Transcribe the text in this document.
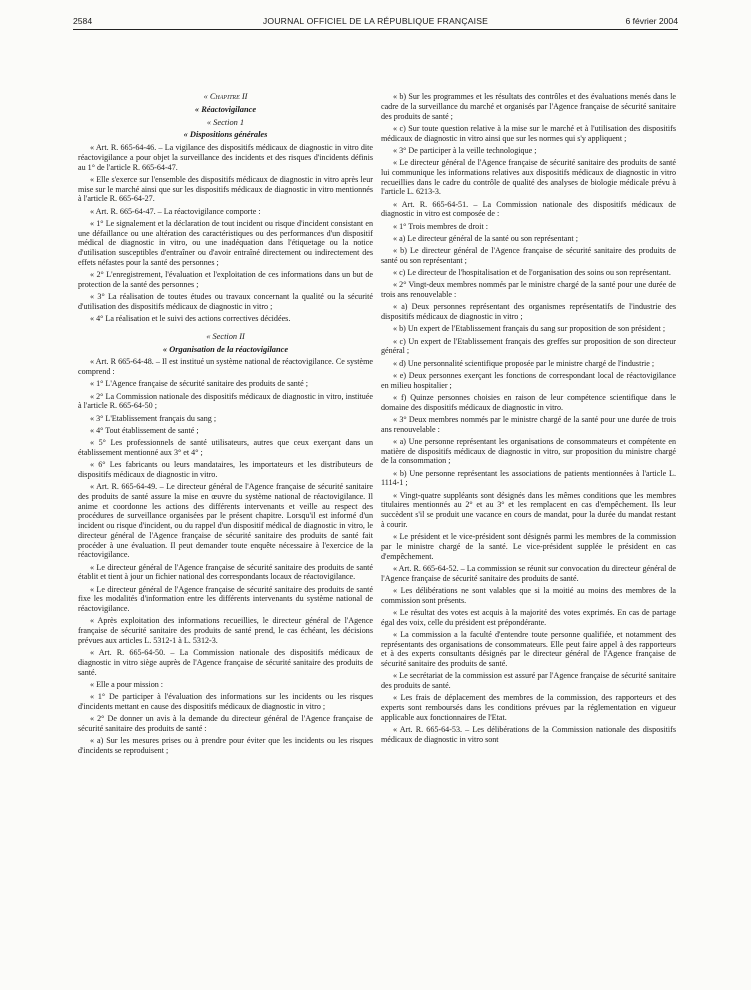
2584	JOURNAL OFFICIEL DE LA RÉPUBLIQUE FRANÇAISE	6 février 2004
« Chapitre II
« Réactovigilance
« Section 1
« Dispositions générales

« Art. R. 665-64-46. – La vigilance des dispositifs médicaux de diagnostic in vitro dite réactovigilance a pour objet la surveillance des incidents et des risques d'incidents définis au 1° de l'article R. 665-64-47.

« Elle s'exerce sur l'ensemble des dispositifs médicaux de diagnostic in vitro après leur mise sur le marché ainsi que sur les dispositifs médicaux de diagnostic in vitro mentionnés à l'article R. 665-64-27.

« Art. R. 665-64-47. – La réactovigilance comporte :

« 1° Le signalement et la déclaration de tout incident ou risque d'incident consistant en une défaillance ou une altération des caractéristiques ou des performances d'un dispositif médical de diagnostic in vitro, ou une inadéquation dans l'étiquetage ou la notice d'utilisation susceptibles d'entraîner ou d'avoir entraîné directement ou indirectement des effets néfastes pour la santé des personnes ;

« 2° L'enregistrement, l'évaluation et l'exploitation de ces informations dans un but de protection de la santé des personnes ;

« 3° La réalisation de toutes études ou travaux concernant la qualité ou la sécurité d'utilisation des dispositifs médicaux de diagnostic in vitro ;

« 4° La réalisation et le suivi des actions correctives décidées.

« Section II
« Organisation de la réactovigilance

« Art. R 665-64-48. – Il est institué un système national de réactovigilance. Ce système comprend :

« 1° L'Agence française de sécurité sanitaire des produits de santé ;

« 2° La Commission nationale des dispositifs médicaux de diagnostic in vitro, instituée à l'article R. 665-64-50 ;

« 3° L'Etablissement français du sang ;

« 4° Tout établissement de santé ;

« 5° Les professionnels de santé utilisateurs, autres que ceux exerçant dans un établissement mentionné aux 3° et 4° ;

« 6° Les fabricants ou leurs mandataires, les importateurs et les distributeurs de dispositifs médicaux de diagnostic in vitro.

« Art. R. 665-64-49. – Le directeur général de l'Agence française de sécurité sanitaire des produits de santé assure la mise en œuvre du système national de réactovigilance. Il anime et coordonne les actions des différents intervenants et veille au respect des procédures de surveillance organisées par le présent chapitre. Lorsqu'il est informé d'un incident ou risque d'incident, ou du rappel d'un dispositif médical de diagnostic in vitro, le directeur général de l'Agence française de sécurité sanitaire des produits de santé fait procéder à une évaluation. Il peut demander toute enquête nécessaire à l'exercice de la réactovigilance.

« Le directeur général de l'Agence française de sécurité sanitaire des produits de santé établit et tient à jour un fichier national des correspondants locaux de réactovigilance.

« Le directeur général de l'Agence française de sécurité sanitaire des produits de santé fixe les modalités d'information entre les différents intervenants du système national de réactovigilance.

« Après exploitation des informations recueillies, le directeur général de l'Agence française de sécurité sanitaire des produits de santé prend, le cas échéant, les décisions prévues aux articles L. 5312-1 à L. 5312-3.

« Art. R. 665-64-50. – La Commission nationale des dispositifs médicaux de diagnostic in vitro siège auprès de l'Agence française de sécurité sanitaire des produits de santé.

« Elle a pour mission :

« 1° De participer à l'évaluation des informations sur les incidents ou les risques d'incidents mettant en cause des dispositifs médicaux de diagnostic in vitro ;

« 2° De donner un avis à la demande du directeur général de l'Agence française de sécurité sanitaire des produits de santé :

« a) Sur les mesures prises ou à prendre pour éviter que les incidents ou les risques d'incidents se reproduisent ;

« b) Sur les programmes et les résultats des contrôles et des évaluations menés dans le cadre de la surveillance du marché et organisés par l'Agence française de sécurité sanitaire des produits de santé ;

« c) Sur toute question relative à la mise sur le marché et à l'utilisation des dispositifs médicaux de diagnostic in vitro ainsi que sur les normes qui s'y appliquent ;

« 3° De participer à la veille technologique ;

« Le directeur général de l'Agence française de sécurité sanitaire des produits de santé lui communique les informations relatives aux dispositifs médicaux de diagnostic in vitro recueillies dans le cadre du contrôle de qualité des analyses de biologie médicale prévu à l'article L. 6213-3.

« Art. R. 665-64-51. – La Commission nationale des dispositifs médicaux de diagnostic in vitro est composée de :

« 1° Trois membres de droit :

« a) Le directeur général de la santé ou son représentant ;

« b) Le directeur général de l'Agence française de sécurité sanitaire des produits de santé ou son représentant ;

« c) Le directeur de l'hospitalisation et de l'organisation des soins ou son représentant.

« 2° Vingt-deux membres nommés par le ministre chargé de la santé pour une durée de trois ans renouvelable :

« a) Deux personnes représentant des organismes représentatifs de l'industrie des dispositifs médicaux de diagnostic in vitro ;

« b) Un expert de l'Etablissement français du sang sur proposition de son président ;

« c) Un expert de l'Etablissement français des greffes sur proposition de son directeur général ;

« d) Une personnalité scientifique proposée par le ministre chargé de l'industrie ;

« e) Deux personnes exerçant les fonctions de correspondant local de réactovigilance en milieu hospitalier ;

« f) Quinze personnes choisies en raison de leur compétence scientifique dans le domaine des dispositifs médicaux de diagnostic in vitro.

« 3° Deux membres nommés par le ministre chargé de la santé pour une durée de trois ans renouvelable :

« a) Une personne représentant les organisations de consommateurs et compétente en matière de dispositifs médicaux de diagnostic in vitro, sur proposition du ministre chargé de la consommation ;

« b) Une personne représentant les associations de patients mentionnées à l'article L. 1114-1 ;

« Vingt-quatre suppléants sont désignés dans les mêmes conditions que les membres titulaires mentionnés au 2° et au 3° et les remplacent en cas d'empêchement. Ils leur succèdent s'il se produit une vacance en cours de mandat, pour la durée du mandat restant à courir.

« Le président et le vice-président sont désignés parmi les membres de la commission par le ministre chargé de la santé. Le vice-président supplée le président en cas d'empêchement.

« Art. R. 665-64-52. – La commission se réunit sur convocation du directeur général de l'Agence française de sécurité sanitaire des produits de santé.

« Les délibérations ne sont valables que si la moitié au moins des membres de la commission sont présents.

« Le résultat des votes est acquis à la majorité des votes exprimés. En cas de partage égal des voix, celle du président est prépondérante.

« La commission a la faculté d'entendre toute personne qualifiée, et notamment des représentants des organisations de consommateurs. Elle peut faire appel à des rapporteurs et à des experts consultants désignés par le directeur général de l'Agence française de sécurité sanitaire des produits de santé.

« Le secrétariat de la commission est assuré par l'Agence française de sécurité sanitaire des produits de santé.

« Les frais de déplacement des membres de la commission, des rapporteurs et des experts sont remboursés dans les conditions prévues par la réglementation en vigueur applicable aux fonctionnaires de l'Etat.

« Art. R. 665-64-53. – Les délibérations de la Commission nationale des dispositifs médicaux de diagnostic in vitro sont
